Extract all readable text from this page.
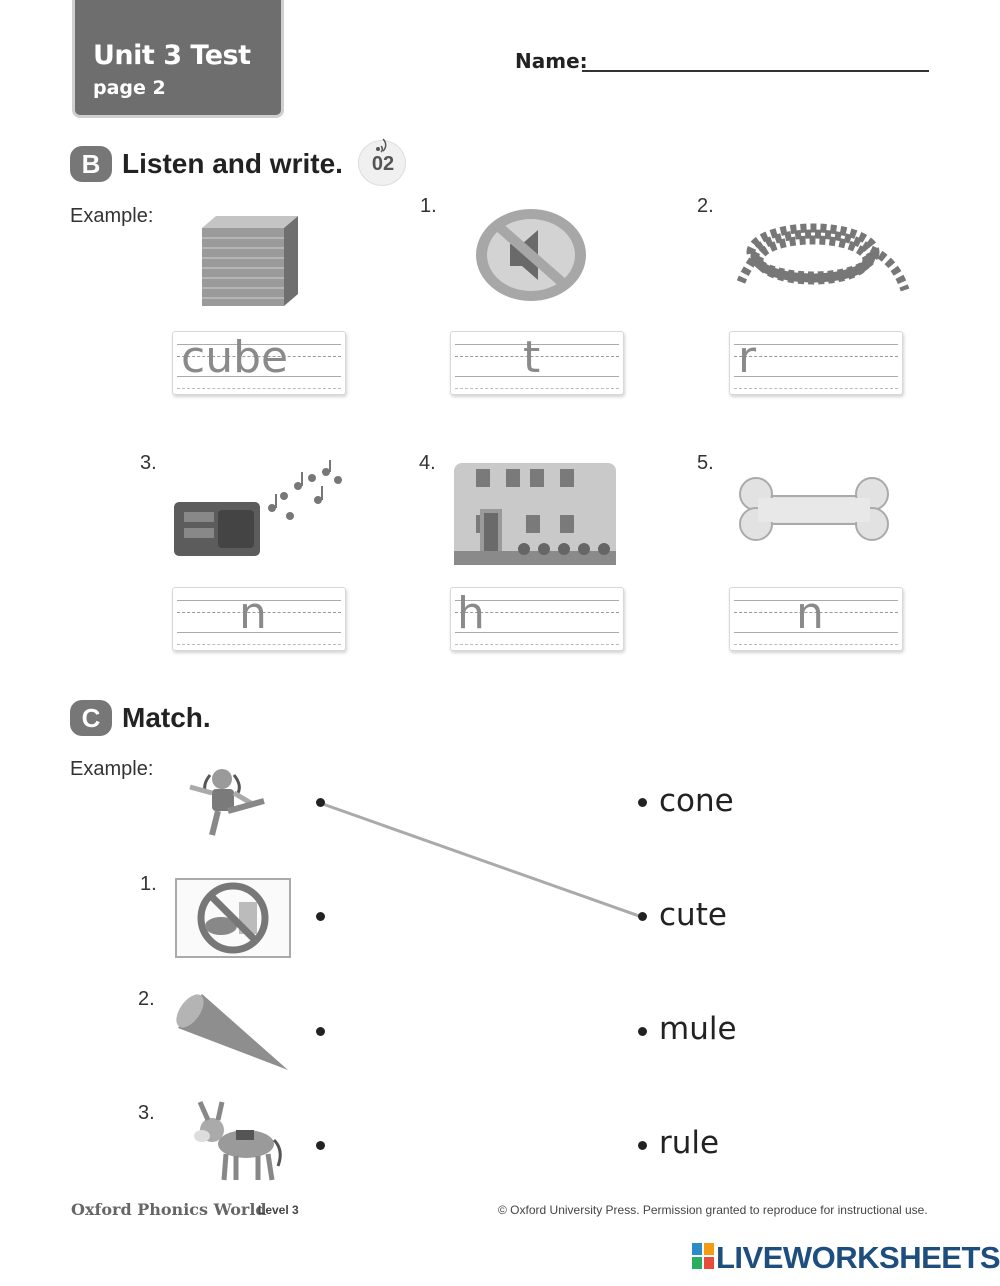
Unit 3 Test
page 2
Name:
B Listen and write.	02
Example:	1.	2.
3.	4.	5.
cube	t	r
n	h	n
C Match.
Example:
1.
2.
3.
cone
cute
mule
rule
Oxford Phonics World
Level 3	© Oxford University Press. Permission granted to reproduce for instructional use.
LIVEWORKSHEETS
